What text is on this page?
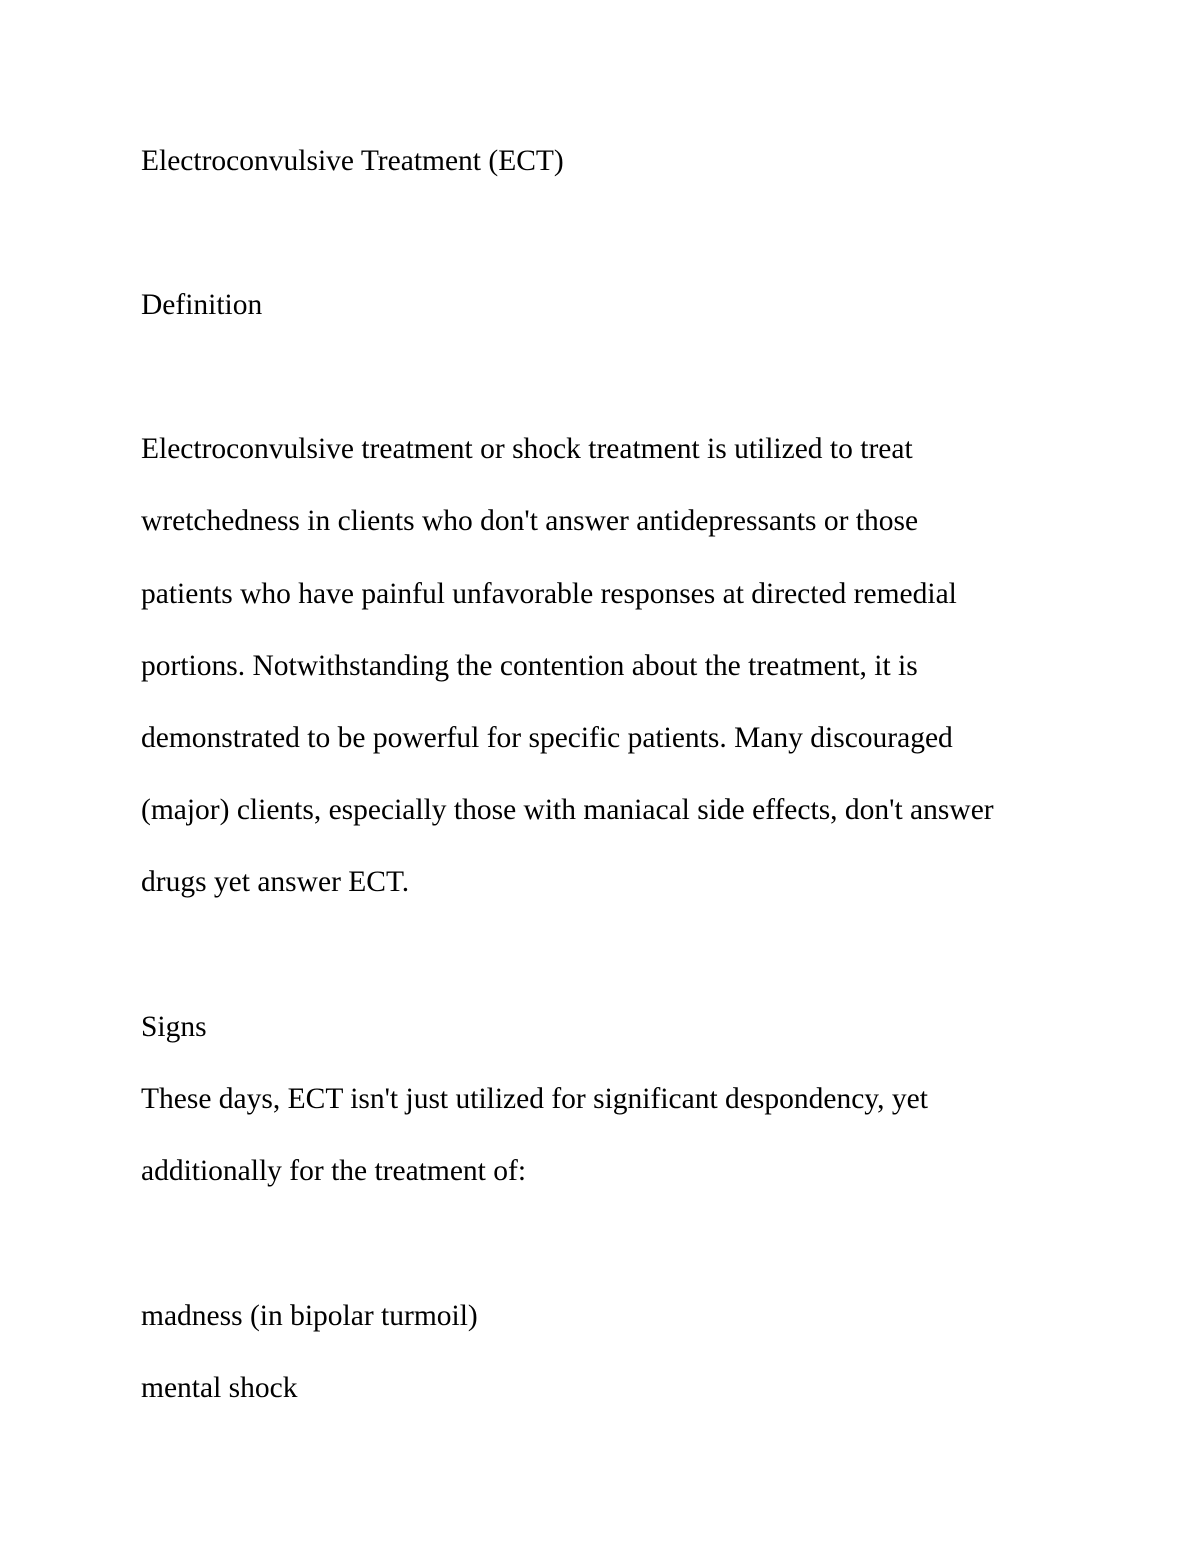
Electroconvulsive Treatment (ECT)

Definition

Electroconvulsive treatment or shock treatment is utilized to treat

wretchedness in clients who don't answer antidepressants or those

patients who have painful unfavorable responses at directed remedial

portions. Notwithstanding the contention about the treatment, it is

demonstrated to be powerful for specific patients. Many discouraged

(major) clients, especially those with maniacal side effects, don't answer

drugs yet answer ECT.

Signs

These days, ECT isn't just utilized for significant despondency, yet

additionally for the treatment of:

madness (in bipolar turmoil)

mental shock
